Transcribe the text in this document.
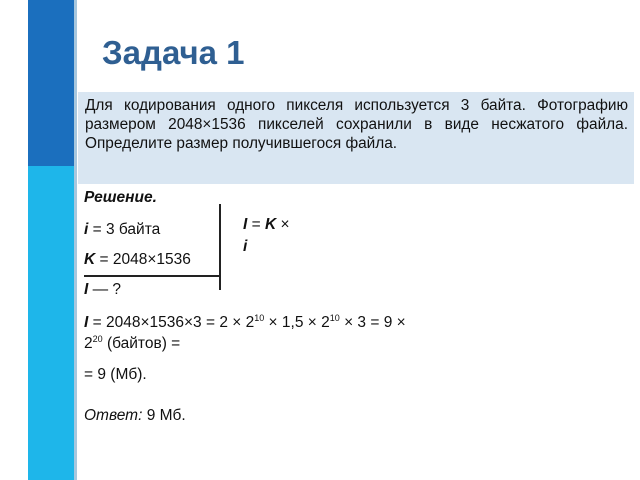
Задача 1

Для кодирования одного пикселя используется 3 байта. Фотографию размером 2048×1536 пикселей сохранили в виде несжатого файла. Определите размер получившегося файла.

Решение.
i = 3 байта
K = 2048×1536
I — ?
I = K ×
i
$I = 2048\times 1536\times 3 = 2 \times 2^{10} \times 1,5 \times 2^{10} \times 3 = 9$ ×
$2^{20}$ (байтов) =
= 9 (Мб).
Ответ: 9 Мб.
